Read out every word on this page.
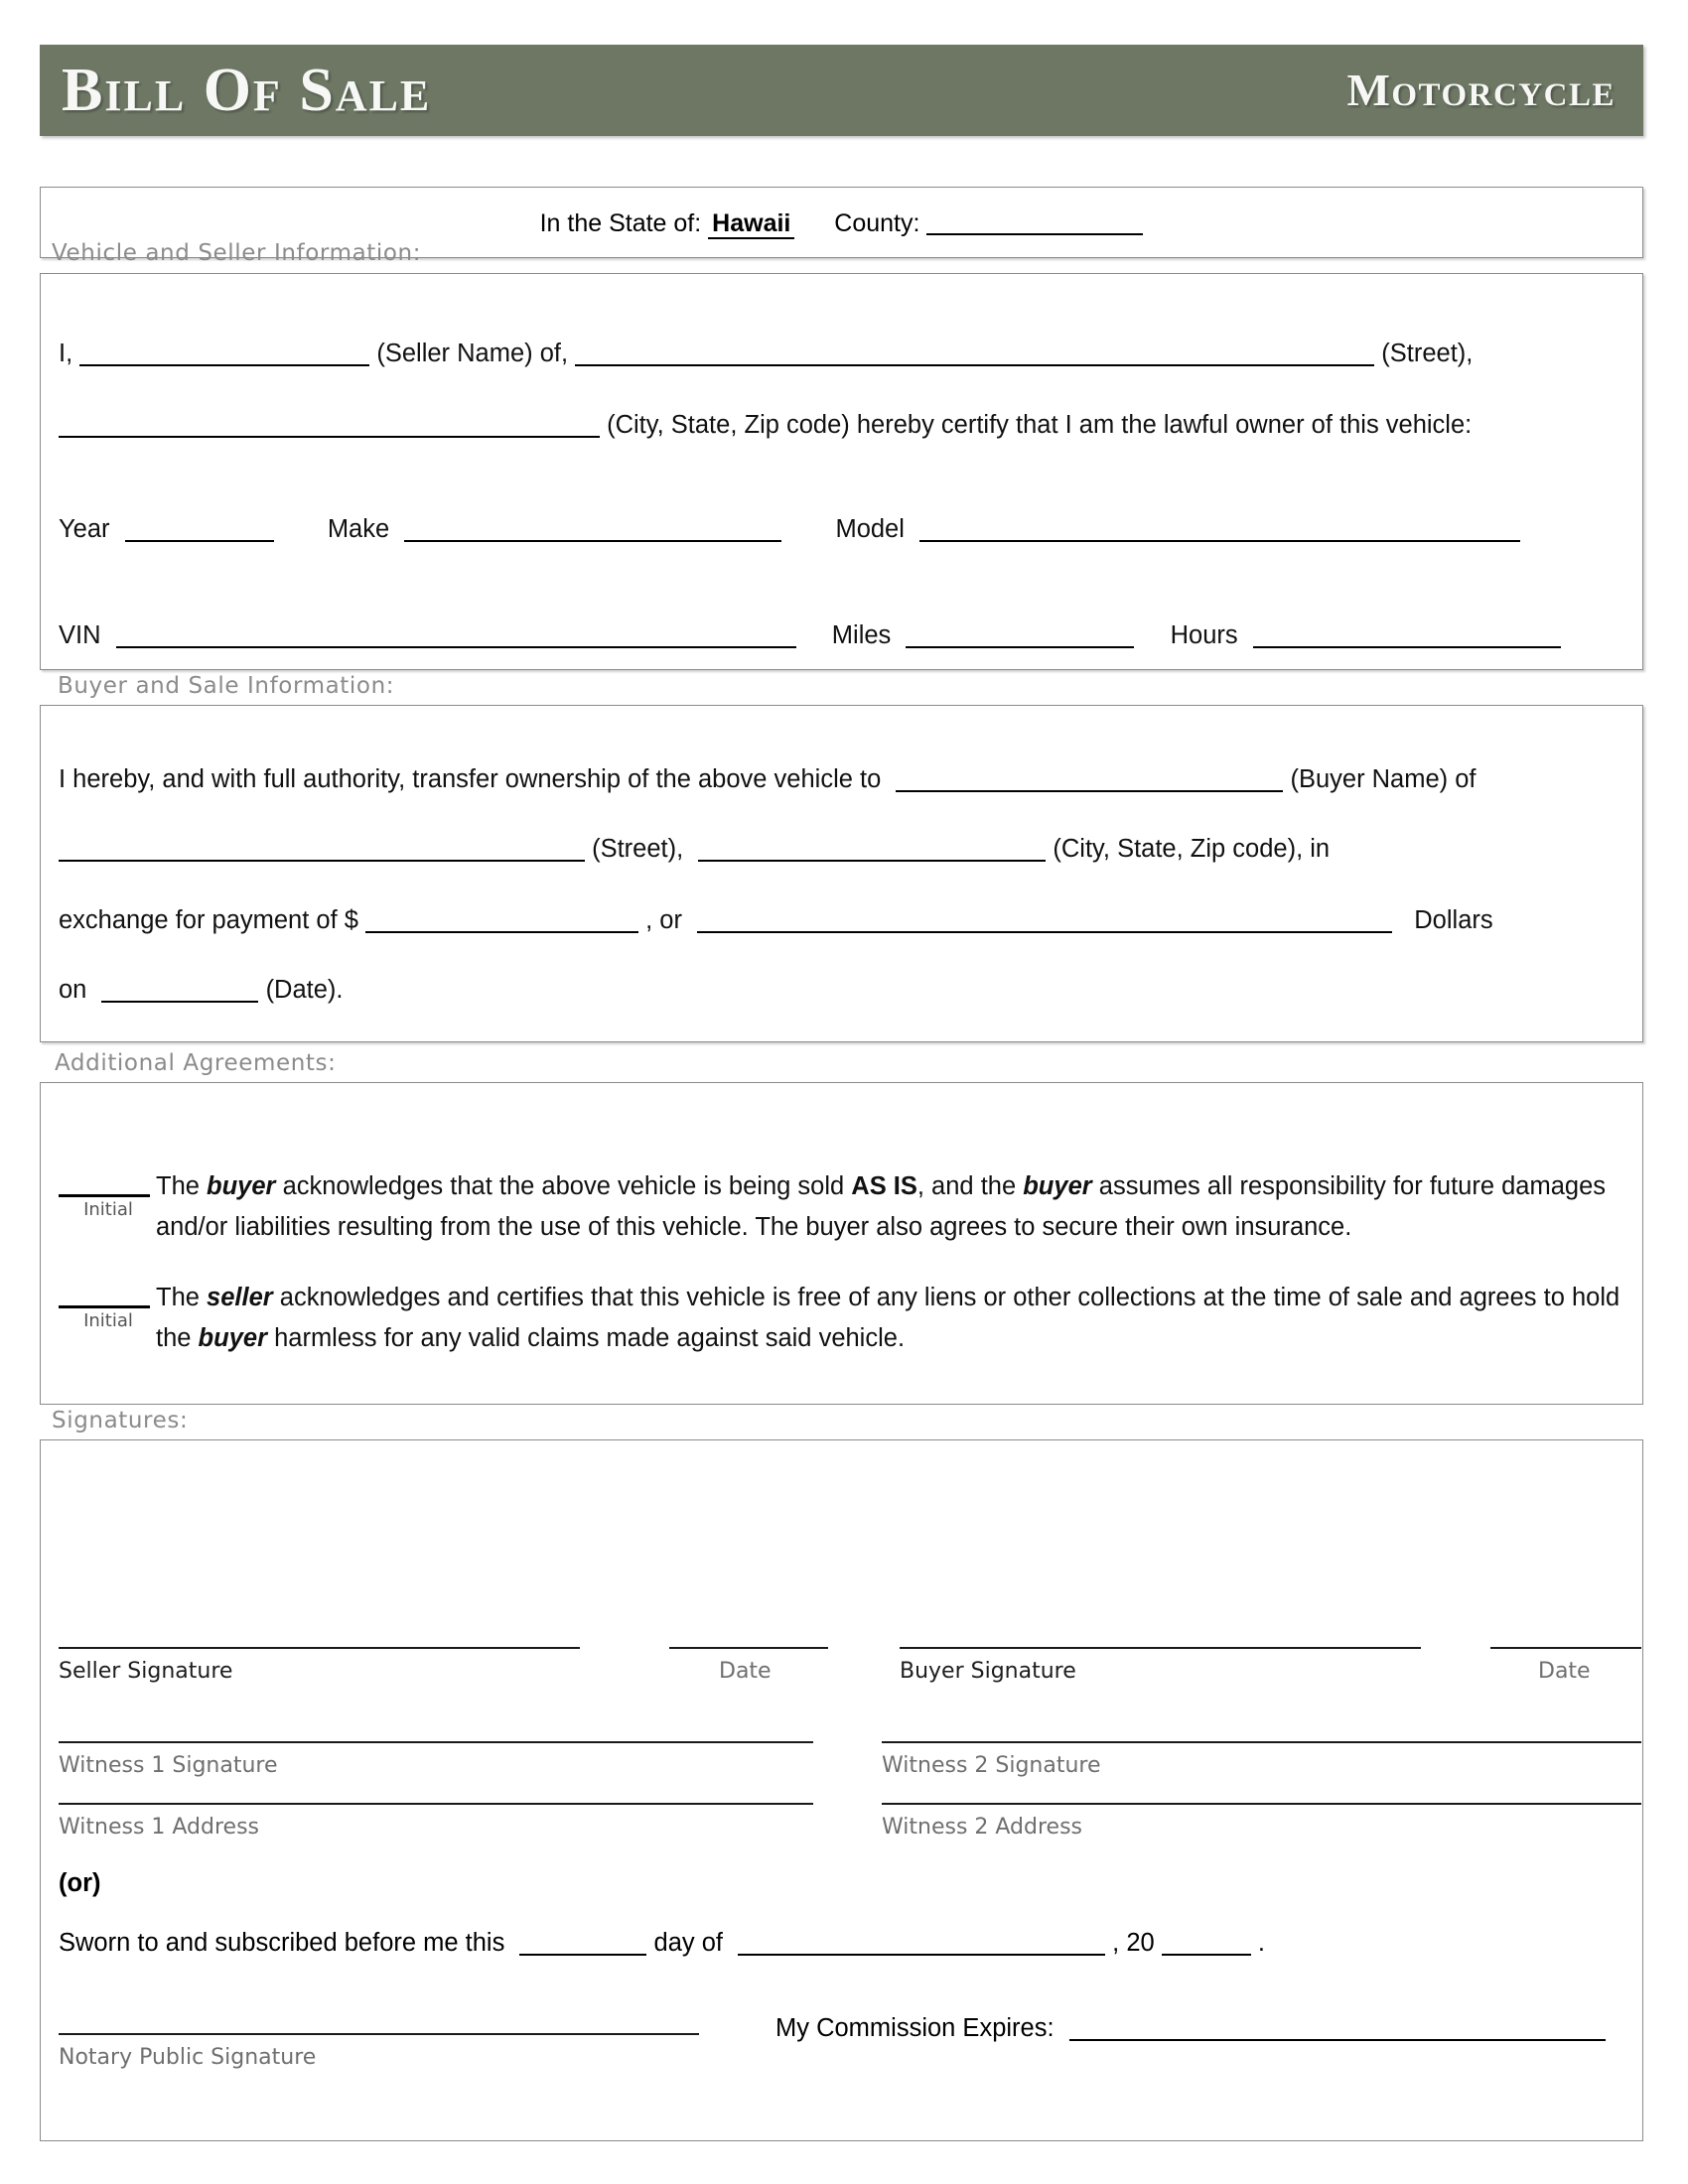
BILL OF SALE	MOTORCYCLE
In the State of: Hawaii County:
Vehicle and Seller Information:
I,	(Seller Name) of,	(Street),
(City, State, Zip code) hereby certify that I am the lawful owner of this vehicle:
Year	Make	Model
VIN	Miles	Hours
Buyer and Sale Information:
I hereby, and with full authority, transfer ownership of the above vehicle to	(Buyer Name) of
(Street),	(City, State, Zip code), in
exchange for payment of $	, or	Dollars
on	(Date).
Additional Agreements:
Initial
The buyer acknowledges that the above vehicle is being sold AS IS, and the buyer assumes all responsibility for future damages and/or liabilities resulting from the use of this vehicle. The buyer also agrees to secure their own insurance.
Initial
The seller acknowledges and certifies that this vehicle is free of any liens or other collections at the time of sale and agrees to hold the buyer harmless for any valid claims made against said vehicle.
Signatures:
Seller Signature	Date	Buyer Signature	Date
Witness 1 Signature	Witness 2 Signature
Witness 1 Address	Witness 2 Address
(or)
Sworn to and subscribed before me this	day of	, 20	.
Notary Public Signature
My Commission Expires:
